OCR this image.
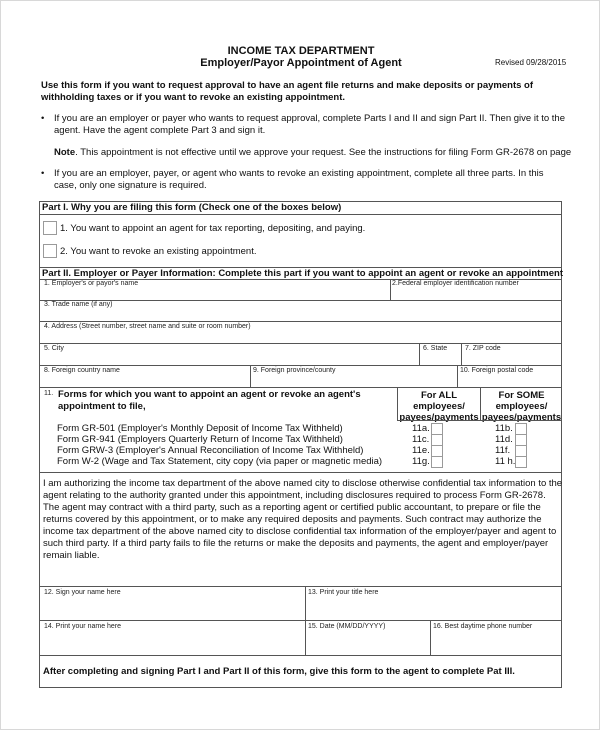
INCOME TAX DEPARTMENT
Employer/Payor Appointment of Agent	Revised 09/28/2015
Use this form if you want to request approval to have an agent file returns and make deposits or payments of withholding taxes or if you want to revoke an existing appointment.
• If you are an employer or payer who wants to request approval, complete Parts I and II and sign Part II. Then give it to the agent. Have the agent complete Part 3 and sign it.
Note. This appointment is not effective until we approve your request. See the instructions for filing Form GR-2678 on page
• If you are an employer, payer, or agent who wants to revoke an existing appointment, complete all three parts. In this case, only one signature is required.
Part I. Why you are filing this form (Check one of the boxes below)
1. You want to appoint an agent for tax reporting, depositing, and paying.
2. You want to revoke an existing appointment.
Part II. Employer or Payer Information: Complete this part if you want to appoint an agent or revoke an appointment
1. Employer's or payor's name	2.Federal employer identification number
3. Trade name (if any)
4. Address (Street number, street name and suite or room number)
5. City	6. State	7. ZIP code
8. Foreign country name	9. Foreign province/county	10. Foreign postal code
11. Forms for which you want to appoint an agent or revoke an agent's
appointment to file,
For ALL employees/ payees/payments
For SOME employees/ payees/payments
Form GR-501 (Employer's Monthly Deposit of Income Tax Withheld)	11a.	11b.
Form GR-941 (Employers Quarterly Return of Income Tax Withheld)	11c.	11d.
Form GRW-3 (Employer's Annual Reconciliation of Income Tax Withheld)	11e.	11f.
Form W-2 (Wage and Tax Statement, city copy (via paper or magnetic media)	11g.	11 h.
I am authorizing the income tax department of the above named city to disclose otherwise confidential tax information to the agent relating to the authority granted under this appointment, including disclosures required to process Form GR-2678. The agent may contract with a third party, such as a reporting agent or certified public accountant, to prepare or file the returns covered by this appointment, or to make any required deposits and payments. Such contract may authorize the income tax department of the above named city to disclose confidential tax information of the employer/payer and agent to such third party. If a third party fails to file the returns or make the deposits and payments, the agent and employer/payer remain liable.
12. Sign your name here	13. Print your title here
14. Print your name here	15. Date (MM/DD/YYYY)	16. Best daytime phone number
After completing and signing Part I and Part II of this form, give this form to the agent to complete Pat III.
